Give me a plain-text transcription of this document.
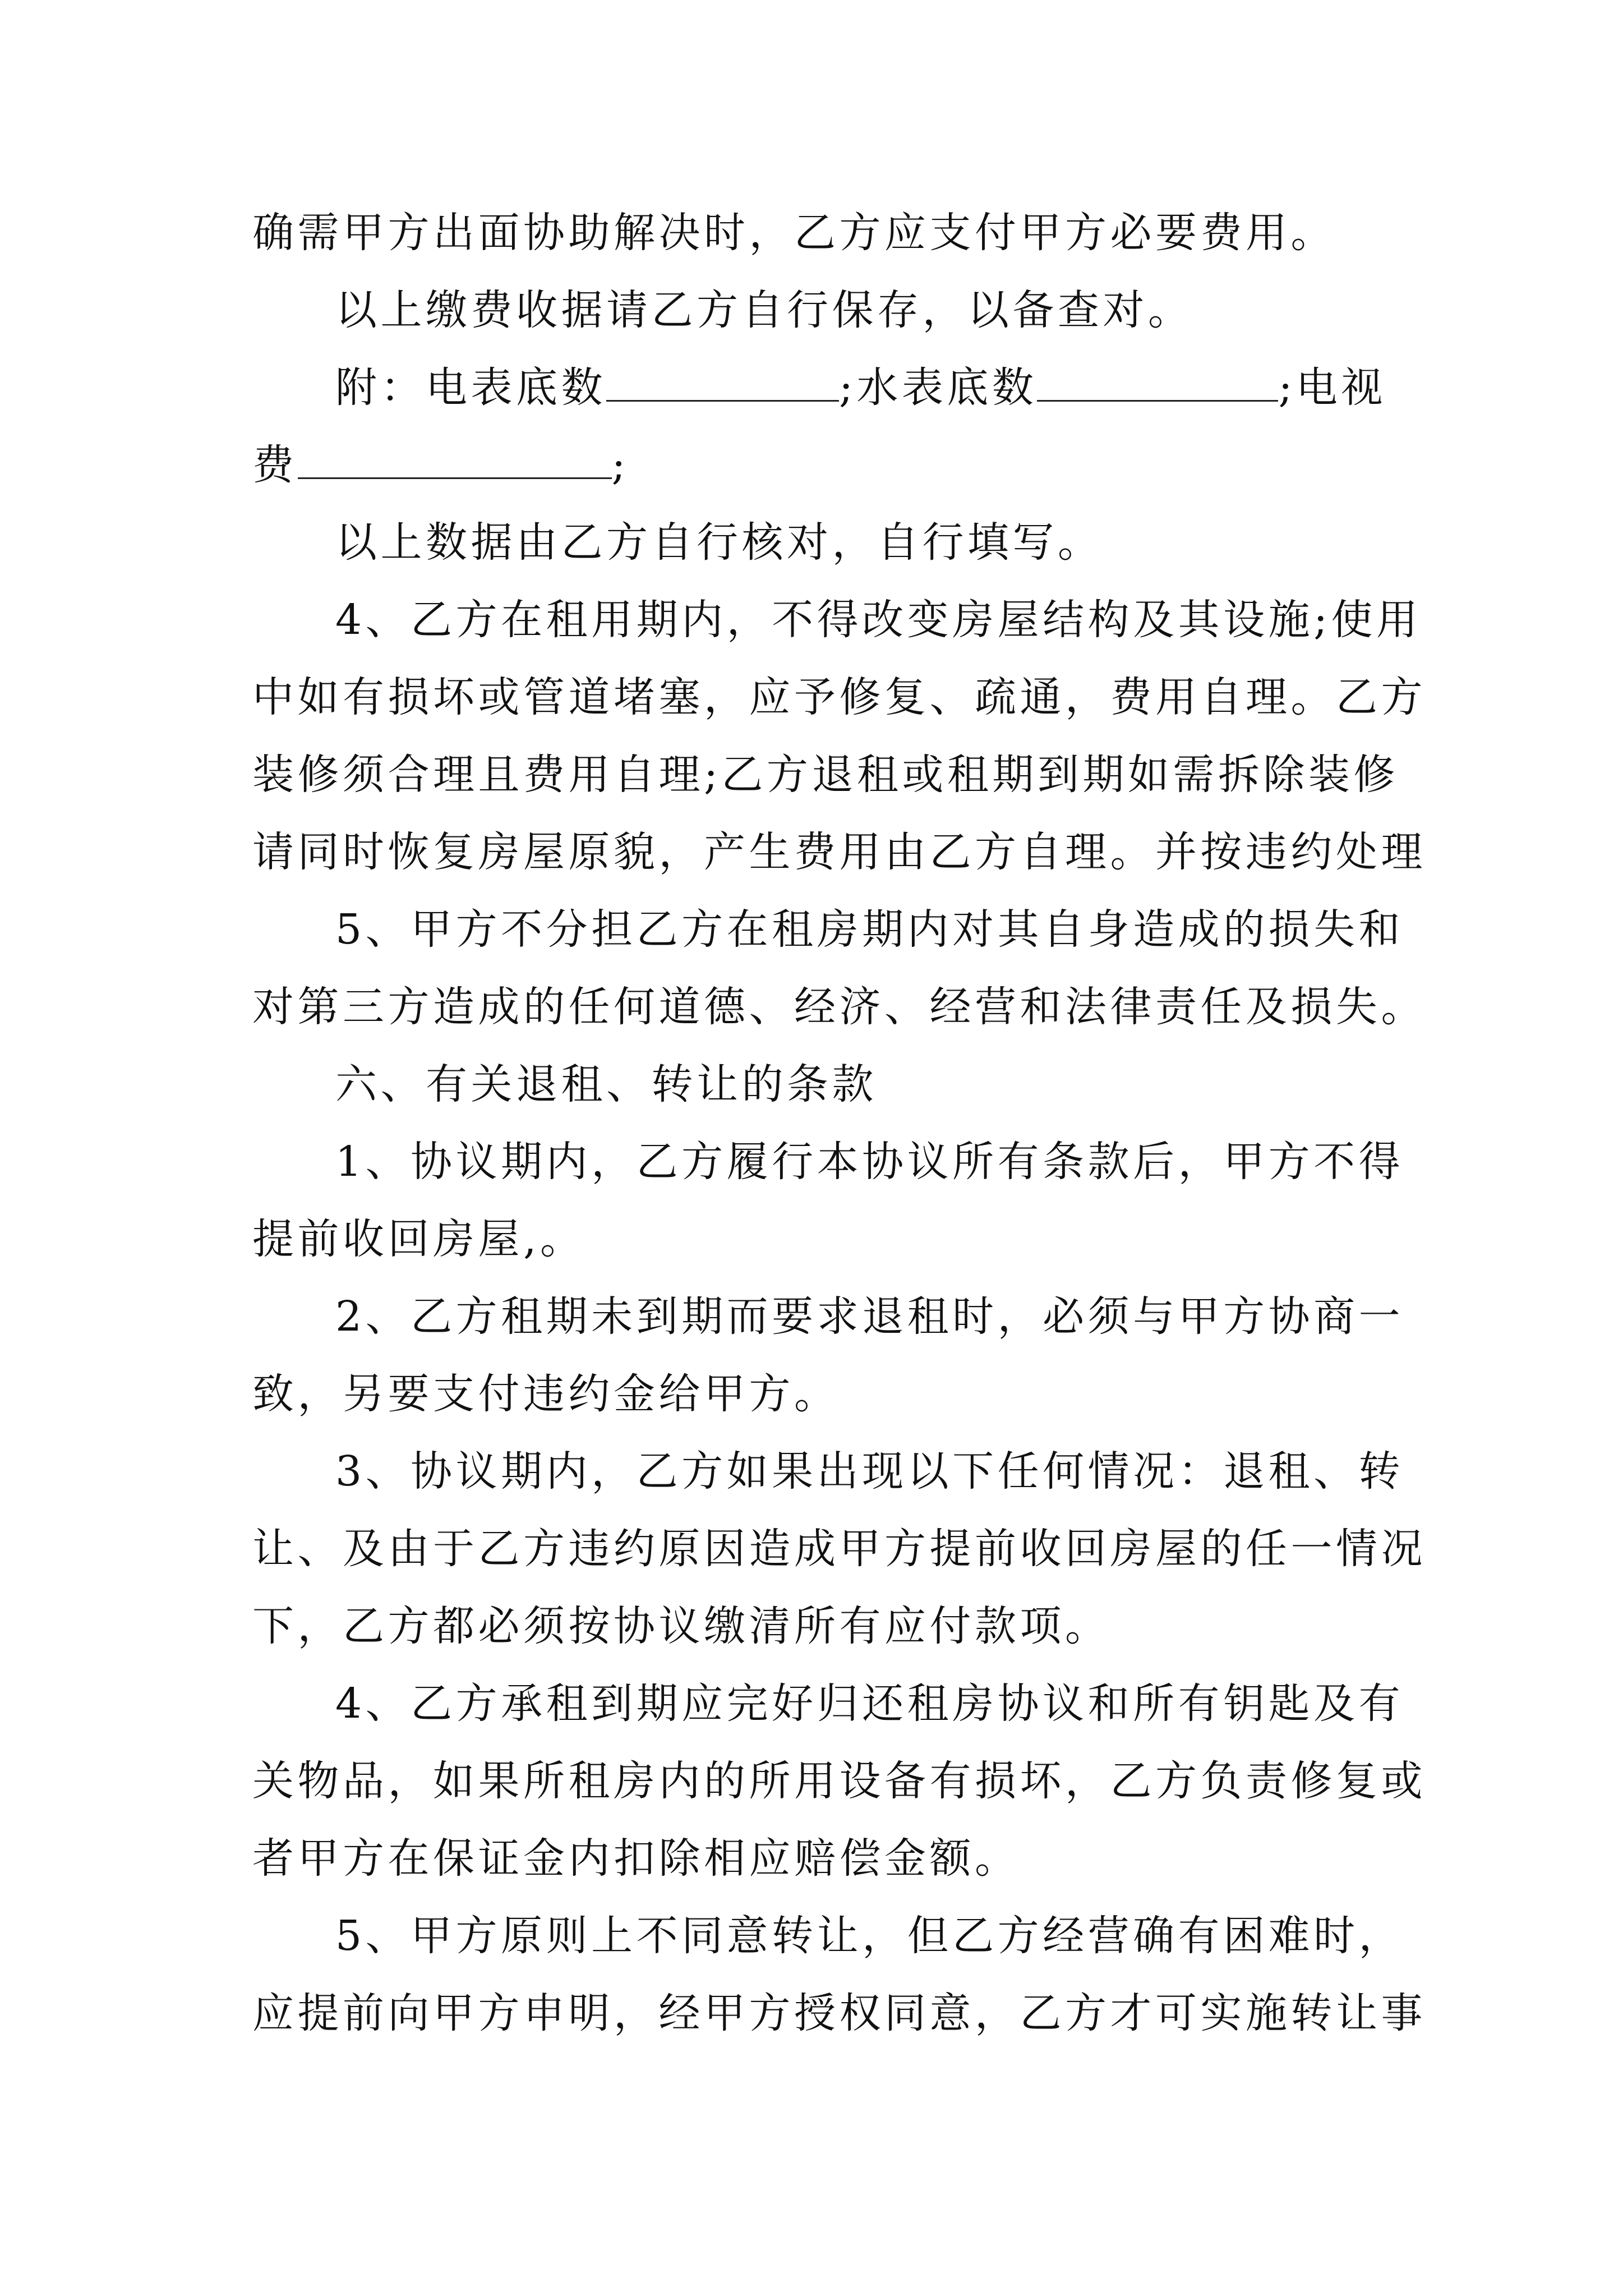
确需甲方出面协助解决时，乙方应支付甲方必要费用。
以上缴费收据请乙方自行保存，以备查对。
附：电表底数	;水表底数	;电视
费	;
以上数据由乙方自行核对，自行填写。
4、乙方在租用期内，不得改变房屋结构及其设施;使用
中如有损坏或管道堵塞，应予修复、疏通，费用自理。乙方
装修须合理且费用自理;乙方退租或租期到期如需拆除装修
请同时恢复房屋原貌，产生费用由乙方自理。并按违约处理
5、甲方不分担乙方在租房期内对其自身造成的损失和
对第三方造成的任何道德、经济、经营和法律责任及损失。
六、有关退租、转让的条款
1、协议期内，乙方履行本协议所有条款后，甲方不得
提前收回房屋,。
2、乙方租期未到期而要求退租时，必须与甲方协商一
致，另要支付违约金给甲方。
3、协议期内，乙方如果出现以下任何情况：退租、转
让、及由于乙方违约原因造成甲方提前收回房屋的任一情况
下，乙方都必须按协议缴清所有应付款项。
4、乙方承租到期应完好归还租房协议和所有钥匙及有
关物品，如果所租房内的所用设备有损坏，乙方负责修复或
者甲方在保证金内扣除相应赔偿金额。
5、甲方原则上不同意转让，但乙方经营确有困难时，
应提前向甲方申明，经甲方授权同意，乙方才可实施转让事
